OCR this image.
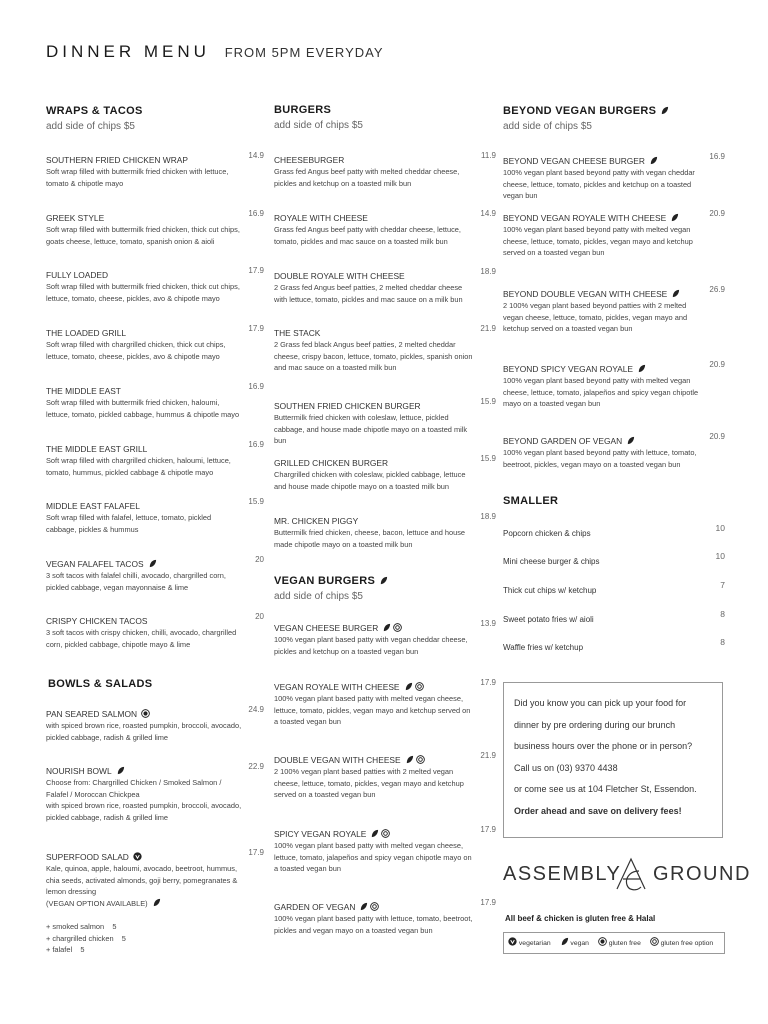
DINNER MENU FROM 5PM EVERYDAY
WRAPS & TACOS
add side of chips $5
SOUTHERN FRIED CHICKEN WRAP
Soft wrap filled with buttermilk fried chicken with lettuce, tomato & chipotle mayo
14.9
GREEK STYLE
Soft wrap filled with buttermilk fried chicken, thick cut chips, goats cheese, lettuce, tomato, spanish onion & aioli
16.9
FULLY LOADED
Soft wrap filled with buttermilk fried chicken, thick cut chips, lettuce, tomato, cheese, pickles, avo & chipotle mayo
17.9
THE LOADED GRILL
Soft wrap filled with chargrilled chicken, thick cut chips, lettuce, tomato, cheese, pickles, avo & chipotle mayo
17.9
THE MIDDLE EAST
Soft wrap filled with buttermilk fried chicken, haloumi, lettuce, tomato, pickled cabbage, hummus & chipotle mayo
16.9
THE MIDDLE EAST GRILL
Soft wrap filled with chargrilled chicken, haloumi, lettuce, tomato, hummus, pickled cabbage & chipotle mayo
16.9
MIDDLE EAST FALAFEL
Soft wrap filled with falafel, lettuce, tomato, pickled cabbage, pickles & hummus
15.9
VEGAN FALAFEL TACOS
3 soft tacos with falafel chilli, avocado, chargrilled corn, pickled cabbage, vegan mayonnaise & lime
20
CRISPY CHICKEN TACOS
3 soft tacos with crispy chicken, chilli, avocado, chargrilled corn, pickled cabbage, chipotle mayo & lime
20
BOWLS & SALADS
PAN SEARED SALMON
with spiced brown rice, roasted pumpkin, broccoli, avocado, pickled cabbage, radish & grilled lime
24.9
NOURISH BOWL
Choose from: Chargrilled Chicken / Smoked Salmon / Falafel / Moroccan Chickpea
with spiced brown rice, roasted pumpkin, broccoli, avocado, pickled cabbage, radish & grilled lime
22.9
SUPERFOOD SALAD
Kale, quinoa, apple, haloumi, avocado, beetroot, hummus, chia seeds, activated almonds, goji berry, pomegranates & lemon dressing
(VEGAN OPTION AVAILABLE)
17.9
+ smoked salmon 5
+ chargrilled chicken 5
+ falafel 5
BURGERS
add side of chips $5
CHEESEBURGER
Grass fed Angus beef patty with melted cheddar cheese, pickles and ketchup on a toasted milk bun
11.9
ROYALE WITH CHEESE
Grass fed Angus beef patty with cheddar cheese, lettuce, tomato, pickles and mac sauce on a toasted milk bun
14.9
DOUBLE ROYALE WITH CHEESE
2 Grass fed Angus beef patties, 2 melted cheddar cheese with lettuce, tomato, pickles and mac sauce on a milk bun
18.9
THE STACK
2 Grass fed black Angus beef patties, 2 melted cheddar cheese, crispy bacon, lettuce, tomato, pickles, spanish onion and mac sauce on a toasted milk bun
21.9
SOUTHEN FRIED CHICKEN BURGER
Buttermilk fried chicken with coleslaw, lettuce, pickled cabbage, and house made chipotle mayo on a toasted milk bun
15.9
GRILLED CHICKEN BURGER
Chargrilled chicken with coleslaw, pickled cabbage, lettuce and house made chipotle mayo on a toasted milk bun
15.9
MR. CHICKEN PIGGY
Buttermilk fried chicken, cheese, bacon, lettuce and house made chipotle mayo on a toasted milk bun
18.9
VEGAN BURGERS
add side of chips $5
VEGAN CHEESE BURGER
100% vegan plant based patty with vegan cheddar cheese, pickles and ketchup on a toasted vegan bun
13.9
VEGAN ROYALE WITH CHEESE
100% vegan plant based patty with melted vegan cheese, lettuce, tomato, pickles, vegan mayo and ketchup served on a toasted vegan bun
17.9
DOUBLE VEGAN WITH CHEESE
2 100% vegan plant based patties with 2 melted vegan cheese, lettuce, tomato, pickles, vegan mayo and ketchup served on a toasted vegan bun
21.9
SPICY VEGAN ROYALE
100% vegan plant based patty with melted vegan cheese, lettuce, tomato, jalapeños and spicy vegan chipotle mayo on a toasted vegan bun
17.9
GARDEN OF VEGAN
100% vegan plant based patty with lettuce, tomato, beetroot, pickles and vegan mayo on a toasted vegan bun
17.9
BEYOND VEGAN BURGERS
add side of chips $5
BEYOND VEGAN CHEESE BURGER
100% vegan plant based beyond patty with vegan cheddar cheese, lettuce, tomato, pickles and ketchup on a toasted vegan bun
16.9
BEYOND VEGAN ROYALE WITH CHEESE
100% vegan plant based beyond patty with melted vegan cheese, lettuce, tomato, pickles, vegan mayo and ketchup served on a toasted vegan bun
20.9
BEYOND DOUBLE VEGAN WITH CHEESE
2 100% vegan plant based beyond patties with 2 melted vegan cheese, lettuce, tomato, pickles, vegan mayo and ketchup served on a toasted vegan bun
26.9
BEYOND SPICY VEGAN ROYALE
100% vegan plant based beyond patty with melted vegan cheese, lettuce, tomato, jalapeños and spicy vegan chipotle mayo on a toasted vegan bun
20.9
BEYOND GARDEN OF VEGAN
100% vegan plant based beyond patty with lettuce, tomato, beetroot, pickles, vegan mayo on a toasted vegan bun
20.9
SMALLER
Popcorn chicken & chips
10
Mini cheese burger & chips
10
Thick cut chips w/ ketchup
7
Sweet potato fries w/ aioli
8
Waffle fries w/ ketchup
8

Did you know you can pick up your food for

dinner by pre ordering during our brunch

business hours over the phone or in person?

Call us on (03) 9370 4438

or come see us at 104 Fletcher St, Essendon.

Order ahead and save on delivery fees!

ASSEMBLY GROUND
All beef & chicken is gluten free & Halal
vegetarian	vegan	gluten free	gluten free option
